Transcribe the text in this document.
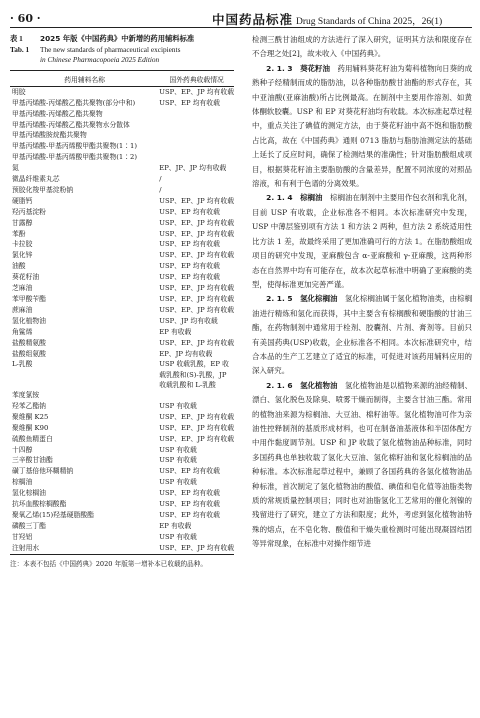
· 60 ·	中国药品标准 Drug Standards of China 2025，26(1)
表 1 2025 年版《中国药典》中新增的药用辅料标准
Tab. 1 The new standards of pharmaceutical excipients
in Chinese Pharmacopoeia 2025 Edition
药用辅料名称	国外药典收载情况
明胶	USP、EP、JP 均有收载
甲基丙烯酸-丙烯酸乙酯共聚物(部分中和)	USP、EP 均有收载
甲基丙烯酸-丙烯酸乙酯共聚物	
甲基丙烯酸-丙烯酸乙酯共聚物水分散体	
甲基丙烯酸胺烷酯共聚物	
甲基丙烯酸-甲基丙烯酸甲酯共聚物(1∶1)	
甲基丙烯酸-甲基丙烯酸甲酯共聚物(1∶2)	
氮	EP、JP、JP 均有收载
微晶纤维素丸芯	/
预胶化羧甲基淀粉钠	/
硬脂钙	USP、EP、JP 均有收载
羟丙基淀粉	USP、EP 均有收载
甘露醇	USP、EP、JP 均有收载
苯酚	USP、EP、JP 均有收载
卡拉胶	USP、EP 均有收载
氯化锌	USP、EP、JP 均有收载
油酸	USP、EP 均有收载
葵花籽油	USP、EP 均有收载
芝麻油	USP、EP、JP 均有收载
苯甲酸苄酯	USP、EP、JP 均有收载
蔗麻油	USP、EP、JP 均有收载
氢化植物油	USP、JP 均有收载
角鲨烯	EP 有收载
盐酸精氨酸	USP、EP、JP 均有收载
盐酸组氨酸	EP、JP 均有收载
L-乳酸	USP 收载乳酸，EP 收载乳酸和(S)-乳酸，JP 收载乳酸和 L-乳酸
苯度氯铵	
羟苯乙酯钠	USP 有收载
聚维酮 K25	USP、EP、JP 均有收载
聚维酮 K90	USP、EP、JP 均有收载
硫酸鱼精蛋白	USP、EP、JP 均有收载
十四醇	USP 有收载
三辛酸甘油酯	USP 有收载
磺丁基倍他环糊精钠	USP、EP 均有收载
棕榈油	USP 有收载
氢化棕榈油	USP、EP 均有收载
抗坏血酸棕榈酸酯	USP、EP 均有收载
聚氧乙烯(15)羟基硬脂酸酯	USP、EP 均有收载
磷酸三丁酯	EP 有收载
甘羟铝	USP 有收载
注射用水	USP、EP、JP 均有收载
注：本表不包括《中国药典》2020 年版第一增补本已收载的品种。

检测三酰甘油组成的方法进行了深入研究，证明其方法和限度存在不合理之处[2]，故未收入《中国药典》。

2. 1. 3　葵花籽油　 药用辅料葵花籽油为菊科植物向日葵的成熟种子经精制而成的脂肪油，以各种脂肪酸甘油酯的形式存在，其中亚油酸(亚麻油酸)所占比例最高。在制剂中主要用作溶剂、如黄体酮软胶囊。USP 和 EP 对葵花籽油均有收载。本次标准起草过程中，重点关注了碘值的测定方法，由于葵花籽油中高不饱和脂肪酸占比高，故在《中国药典》通则 0713 脂肪与脂肪油测定法的基础上延长了反应时间，确保了检测结果的准确性；针对脂肪酸组成项目，根据葵花籽油主要脂肪酸的含量差异，配置不同浓度的对照品溶液，和有利于色谱的分离效果。

2. 1. 4　棕榈油　 棕榈油在制剂中主要用作包衣剂和乳化剂，目前 USP 有收载，企业标准各不相同。本次标准研究中发现，USP 中薄层鉴别项有方法 1 和方法 2 两种，但方法 2 系统适用性比方法 1 差，故最终采用了更加准确可行的方法 1。在脂肪酸组成项目的研究中发现，亚麻酸包含 α-亚麻酸和 γ-亚麻酸，这两种形态在自然界中均有可能存在，故本次起草标准中明确了亚麻酸的类型，使得标准更加完善严谨。

2. 1. 5　氢化棕榈油　 氢化棕榈油属于氢化植物油类，由棕榈油进行精炼和氢化而获得，其中主要含有棕榈酸和硬脂酸的甘油三酯，在药物制剂中通常用于栓剂、胶囊剂、片剂、膏剂等。目前只有美国药典(USP)收载，企业标准各不相同。本次标准研究中，结合本品的生产工艺建立了适宜的标准，可促进对该药用辅料应用的深入研究。

2. 1. 6　氢化植物油　 氢化植物油是以植物来源的油经精制、漂白、氢化脱色及除臭、喷雾干燥而制得，主要含甘油三酯。常用的植物油来源为棕榈油、大豆油、棉籽油等。氢化植物油可作为亲油性控释制剂的基质形成材料，也可在制备油基液体和半固体配方中用作黏度调节剂。USP 和 JP 收载了氢化植物油品种标准，同时多国药典也单独收载了氢化大豆油、氢化棉籽油和氢化棕榈油的品种标准。本次标准起草过程中，兼顾了各国药典的各氢化植物油品种标准，首次制定了氢化植物油的酸值、碘值和皂化值等油脂类物质的常规质量控制项目；同时也对油脂氢化工艺常用的催化剂镍的残留进行了研究，建立了方法和限度；此外，考虑到氢化植物油特殊的熔点，在不皂化物、酸值和干燥失重检测时可能出现凝固结团等异常现象，在标准中对操作细节进
